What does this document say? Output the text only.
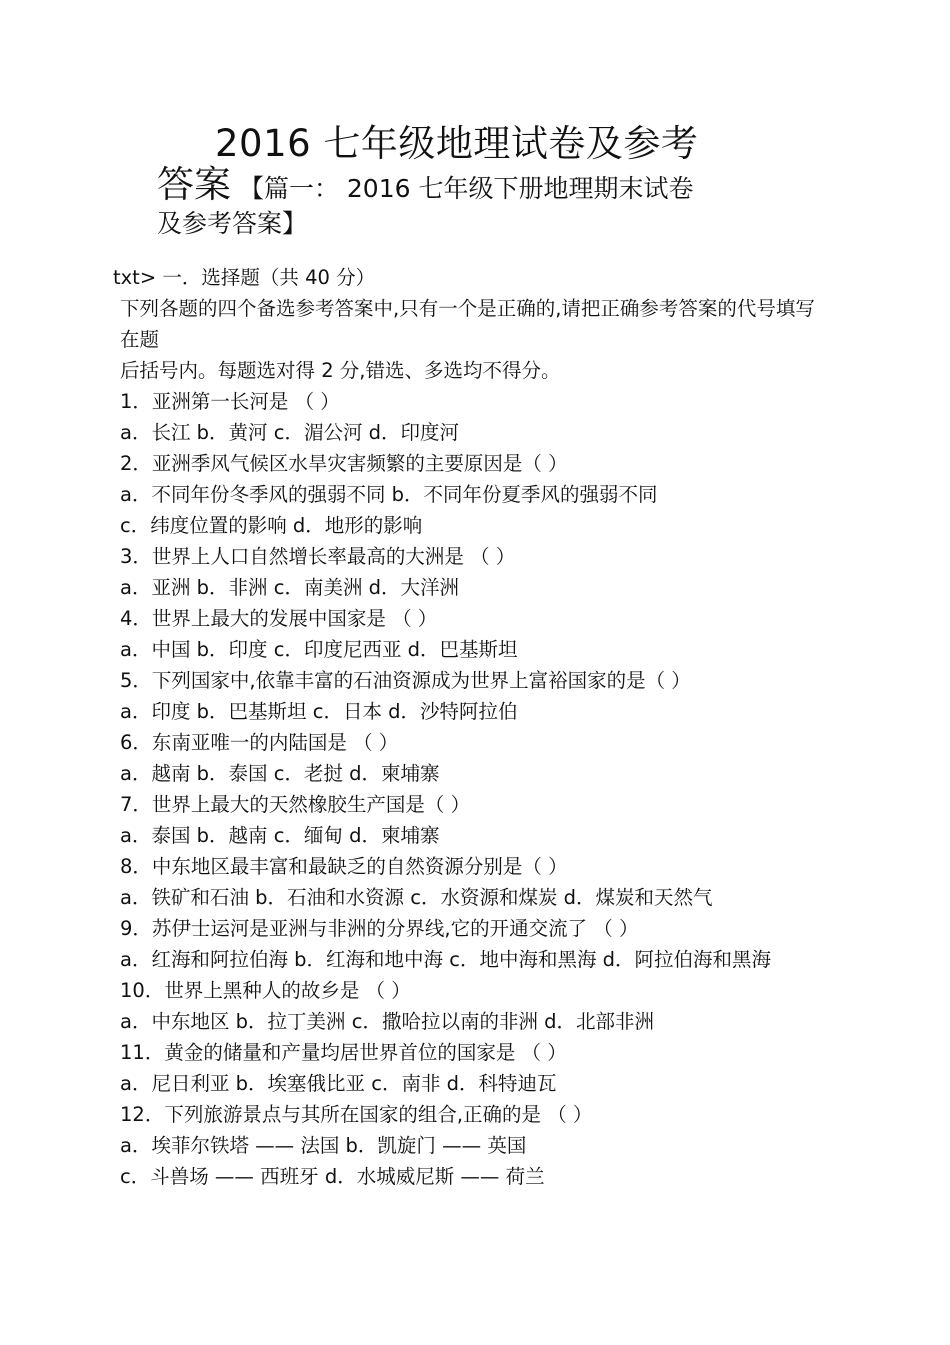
2016 七年级地理试卷及参考
答案 【篇一： 2016 七年级下册地理期末试卷
及参考答案】
txt> 一．选择题（共 40 分）
下列各题的四个备选参考答案中,只有一个是正确的,请把正确参考答案的代号填写在题
后括号内。每题选对得 2 分,错选、多选均不得分。
1．亚洲第一长河是 （ ）
a．长江 b．黄河 c．湄公河 d．印度河
2．亚洲季风气候区水旱灾害频繁的主要原因是（ ）
a．不同年份冬季风的强弱不同 b．不同年份夏季风的强弱不同
c．纬度位置的影响 d．地形的影响
3．世界上人口自然增长率最高的大洲是 （ ）
a．亚洲 b．非洲 c．南美洲 d．大洋洲
4．世界上最大的发展中国家是 （ ）
a．中国 b．印度 c．印度尼西亚 d．巴基斯坦
5．下列国家中,依靠丰富的石油资源成为世界上富裕国家的是（ ）
a．印度 b．巴基斯坦 c．日本 d．沙特阿拉伯
6．东南亚唯一的内陆国是 （ ）
a．越南 b．泰国 c．老挝 d．柬埔寨
7．世界上最大的天然橡胶生产国是（ ）
a．泰国 b．越南 c．缅甸 d．柬埔寨
8．中东地区最丰富和最缺乏的自然资源分别是（ ）
a．铁矿和石油 b．石油和水资源 c．水资源和煤炭 d．煤炭和天然气
9．苏伊士运河是亚洲与非洲的分界线,它的开通交流了 （ ）
a．红海和阿拉伯海 b．红海和地中海 c．地中海和黑海 d．阿拉伯海和黑海
10．世界上黑种人的故乡是 （ ）
a．中东地区 b．拉丁美洲 c．撒哈拉以南的非洲 d．北部非洲
11．黄金的储量和产量均居世界首位的国家是 （ ）
a．尼日利亚 b．埃塞俄比亚 c．南非 d．科特迪瓦
12．下列旅游景点与其所在国家的组合,正确的是 （ ）
a．埃菲尔铁塔 —— 法国 b．凯旋门 —— 英国
c．斗兽场 —— 西班牙 d．水城威尼斯 —— 荷兰
